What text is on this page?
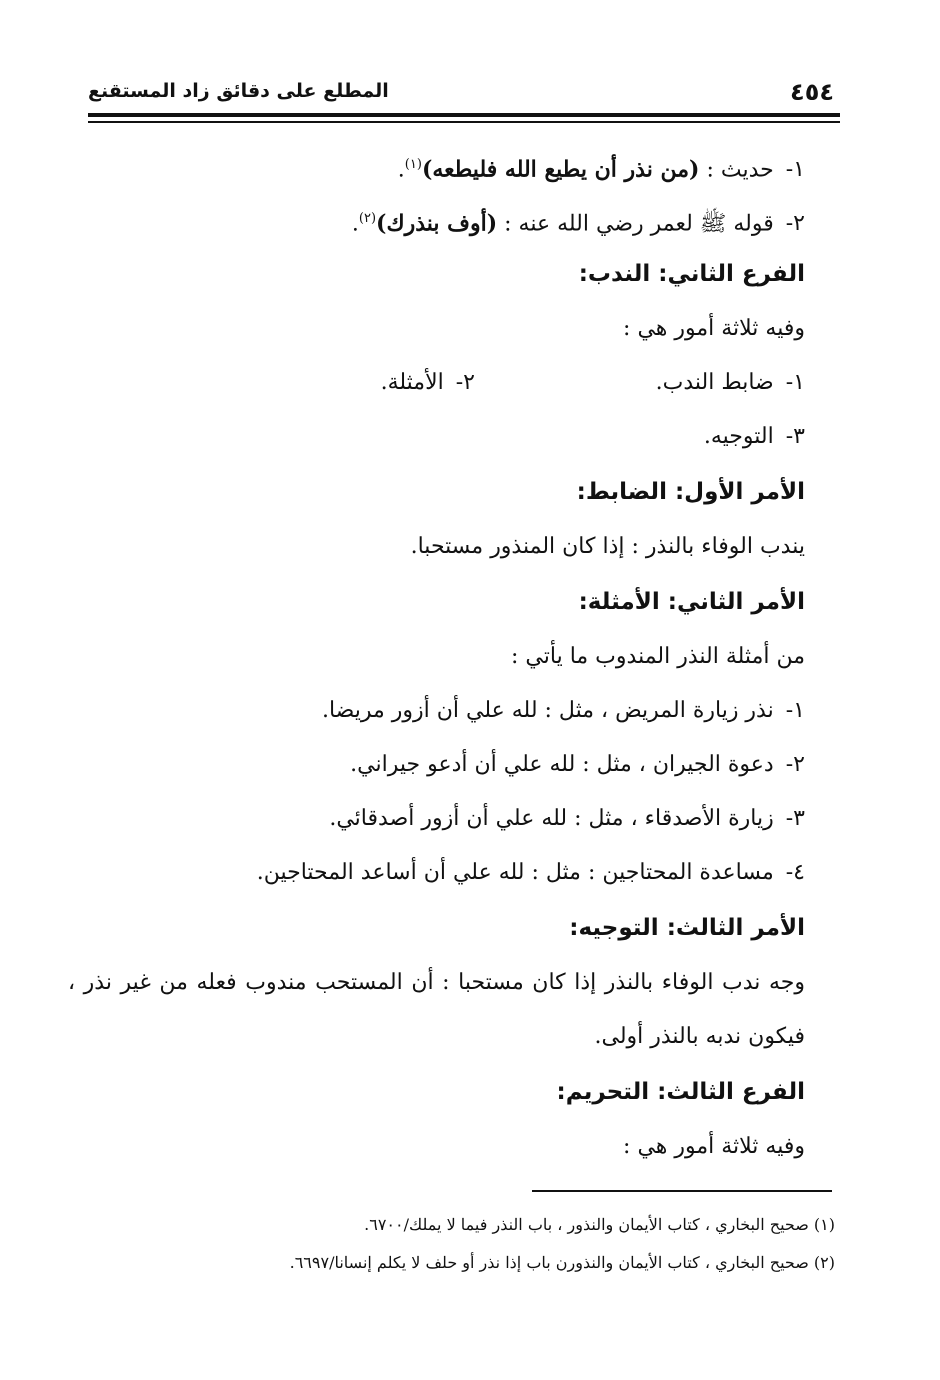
٤٥٤
المطلع على دقائق زاد المستقنع
١-حديث : (من نذر أن يطيع الله فليطعه)$^{(١)}$.
٢-قوله ﷺ لعمر رضي الله عنه : (أوف بنذرك)$^{(٢)}$.
الفرع الثاني: الندب:
وفيه ثلاثة أمور هي :
١-ضابط الندب.
٢-الأمثلة.
٣-التوجيه.
الأمر الأول: الضابط:
يندب الوفاء بالنذر : إذا كان المنذور مستحبا.
الأمر الثاني: الأمثلة:
من أمثلة النذر المندوب ما يأتي :
١-نذر زيارة المريض ، مثل : لله علي أن أزور مريضا.
٢-دعوة الجيران ، مثل : لله علي أن أدعو جيراني.
٣-زيارة الأصدقاء ، مثل : لله علي أن أزور أصدقائي.
٤-مساعدة المحتاجين : مثل : لله علي أن أساعد المحتاجين.
الأمر الثالث: التوجيه:
وجه ندب الوفاء بالنذر إذا كان مستحبا : أن المستحب مندوب فعله من غير نذر ، فيكون ندبه بالنذر أولى.
الفرع الثالث: التحريم:
وفيه ثلاثة أمور هي :
(١) صحيح البخاري ، كتاب الأيمان والنذور ، باب النذر فيما لا يملك/٦٧٠٠.
(٢) صحيح البخاري ، كتاب الأيمان والنذورن باب إذا نذر أو حلف لا يكلم إنسانا/٦٦٩٧.
